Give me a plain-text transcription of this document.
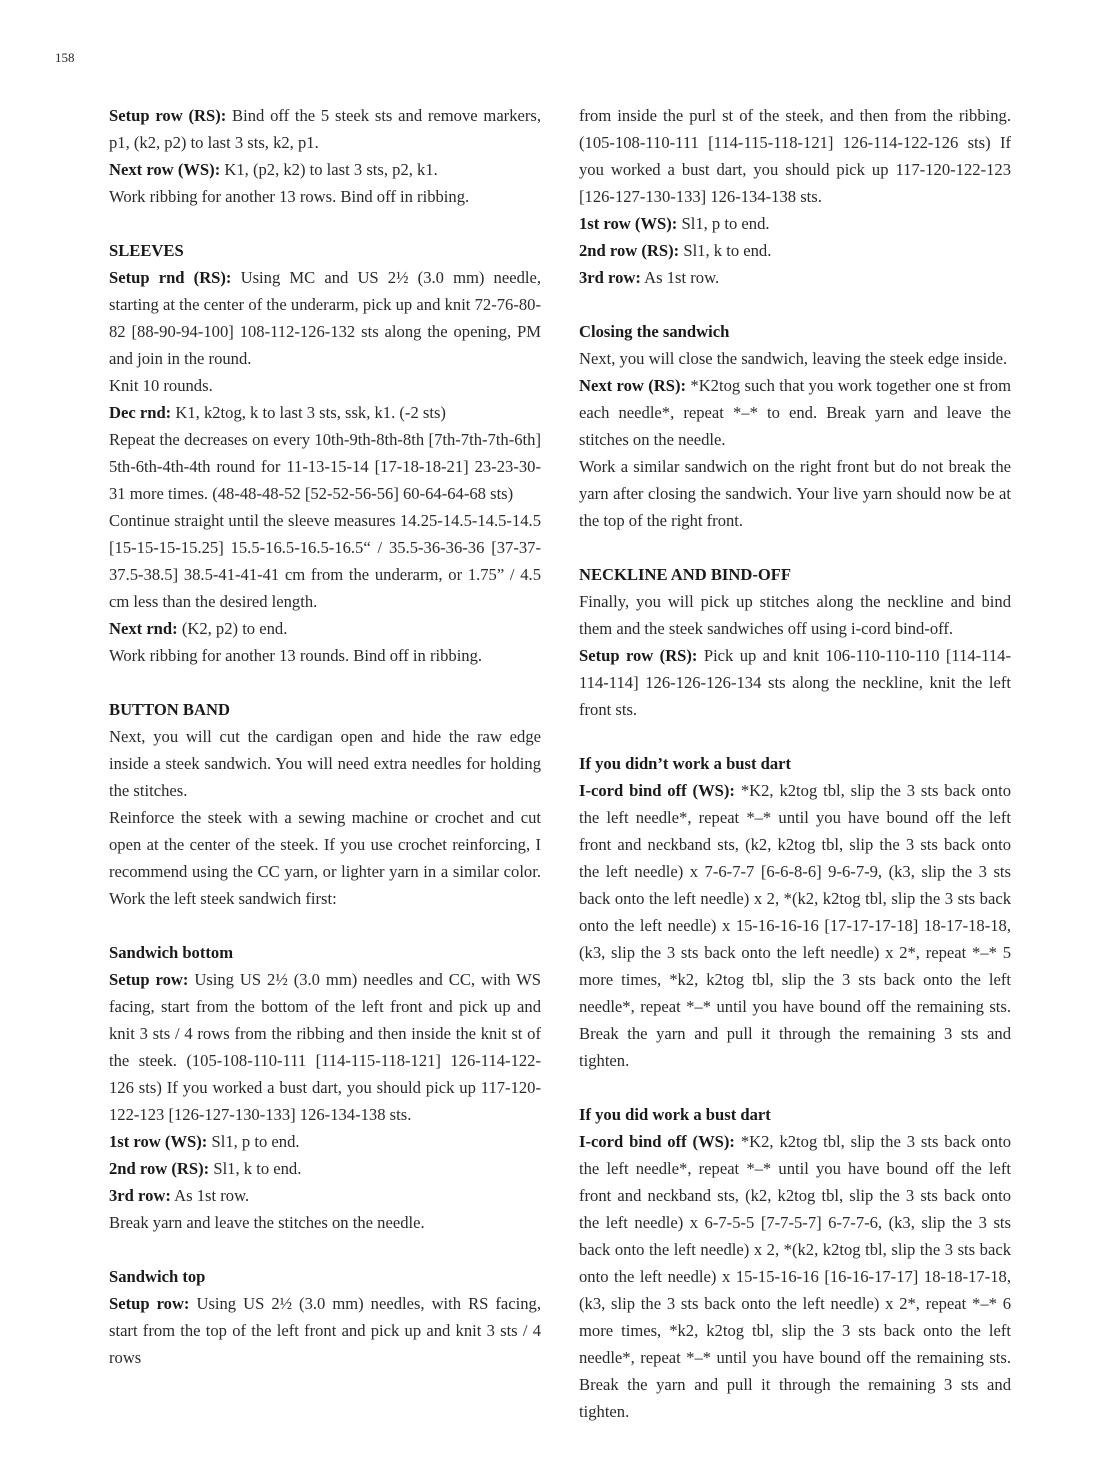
158

Setup row (RS): Bind off the 5 steek sts and remove markers, p1, (k2, p2) to last 3 sts, k2, p1.

Next row (WS): K1, (p2, k2) to last 3 sts, p2, k1.

Work ribbing for another 13 rows. Bind off in ribbing.

SLEEVES

Setup rnd (RS): Using MC and US 2½ (3.0 mm) needle, starting at the center of the underarm, pick up and knit 72-76-80-82 [88-90-94-100] 108-112-126-132 sts along the opening, PM and join in the round.

Knit 10 rounds.

Dec rnd: K1, k2tog, k to last 3 sts, ssk, k1. (-2 sts)

Repeat the decreases on every 10th-9th-8th-8th [7th-7th-7th-6th] 5th-6th-4th-4th round for 11-13-15-14 [17-18-18-21] 23-23-30-31 more times. (48-48-48-52 [52-52-56-56] 60-64-64-68 sts)

Continue straight until the sleeve measures 14.25-14.5-14.5-14.5 [15-15-15-15.25] 15.5-16.5-16.5-16.5“ / 35.5-36-36-36 [37-37-37.5-38.5] 38.5-41-41-41 cm from the underarm, or 1.75” / 4.5 cm less than the desired length.

Next rnd: (K2, p2) to end.

Work ribbing for another 13 rounds. Bind off in ribbing.

BUTTON BAND

Next, you will cut the cardigan open and hide the raw edge inside a steek sandwich. You will need extra needles for holding the stitches.

Reinforce the steek with a sewing machine or crochet and cut open at the center of the steek. If you use crochet reinforcing, I recommend using the CC yarn, or lighter yarn in a similar color. Work the left steek sandwich first:

Sandwich bottom

Setup row: Using US 2½ (3.0 mm) needles and CC, with WS facing, start from the bottom of the left front and pick up and knit 3 sts / 4 rows from the ribbing and then inside the knit st of the steek. (105-108-110-111 [114-115-118-121] 126-114-122-126 sts) If you worked a bust dart, you should pick up 117-120-122-123 [126-127-130-133] 126-134-138 sts.

1st row (WS): Sl1, p to end.

2nd row (RS): Sl1, k to end.

3rd row: As 1st row.

Break yarn and leave the stitches on the needle.

Sandwich top

Setup row: Using US 2½ (3.0 mm) needles, with RS facing, start from the top of the left front and pick up and knit 3 sts / 4 rows

from inside the purl st of the steek, and then from the ribbing. (105-108-110-111 [114-115-118-121] 126-114-122-126 sts) If you worked a bust dart, you should pick up 117-120-122-123 [126-127-130-133] 126-134-138 sts.

1st row (WS): Sl1, p to end.

2nd row (RS): Sl1, k to end.

3rd row: As 1st row.

Closing the sandwich

Next, you will close the sandwich, leaving the steek edge inside.

Next row (RS): *K2tog such that you work together one st from each needle*, repeat *–* to end. Break yarn and leave the stitches on the needle.

Work a similar sandwich on the right front but do not break the yarn after closing the sandwich. Your live yarn should now be at the top of the right front.

NECKLINE AND BIND-OFF

Finally, you will pick up stitches along the neckline and bind them and the steek sandwiches off using i-cord bind-off.

Setup row (RS): Pick up and knit 106-110-110-110 [114-114-114-114] 126-126-126-134 sts along the neckline, knit the left front sts.

If you didn’t work a bust dart

I-cord bind off (WS): *K2, k2tog tbl, slip the 3 sts back onto the left needle*, repeat *–* until you have bound off the left front and neckband sts, (k2, k2tog tbl, slip the 3 sts back onto the left needle) x 7-6-7-7 [6-6-8-6] 9-6-7-9, (k3, slip the 3 sts back onto the left needle) x 2, *(k2, k2tog tbl, slip the 3 sts back onto the left needle) x 15-16-16-16 [17-17-17-18] 18-17-18-18, (k3, slip the 3 sts back onto the left needle) x 2*, repeat *–* 5 more times, *k2, k2tog tbl, slip the 3 sts back onto the left needle*, repeat *–* until you have bound off the remaining sts. Break the yarn and pull it through the remaining 3 sts and tighten.

If you did work a bust dart

I-cord bind off (WS): *K2, k2tog tbl, slip the 3 sts back onto the left needle*, repeat *–* until you have bound off the left front and neckband sts, (k2, k2tog tbl, slip the 3 sts back onto the left needle) x 6-7-5-5 [7-7-5-7] 6-7-7-6, (k3, slip the 3 sts back onto the left needle) x 2, *(k2, k2tog tbl, slip the 3 sts back onto the left needle) x 15-15-16-16 [16-16-17-17] 18-18-17-18, (k3, slip the 3 sts back onto the left needle) x 2*, repeat *–* 6 more times, *k2, k2tog tbl, slip the 3 sts back onto the left needle*, repeat *–* until you have bound off the remaining sts. Break the yarn and pull it through the remaining 3 sts and tighten.
